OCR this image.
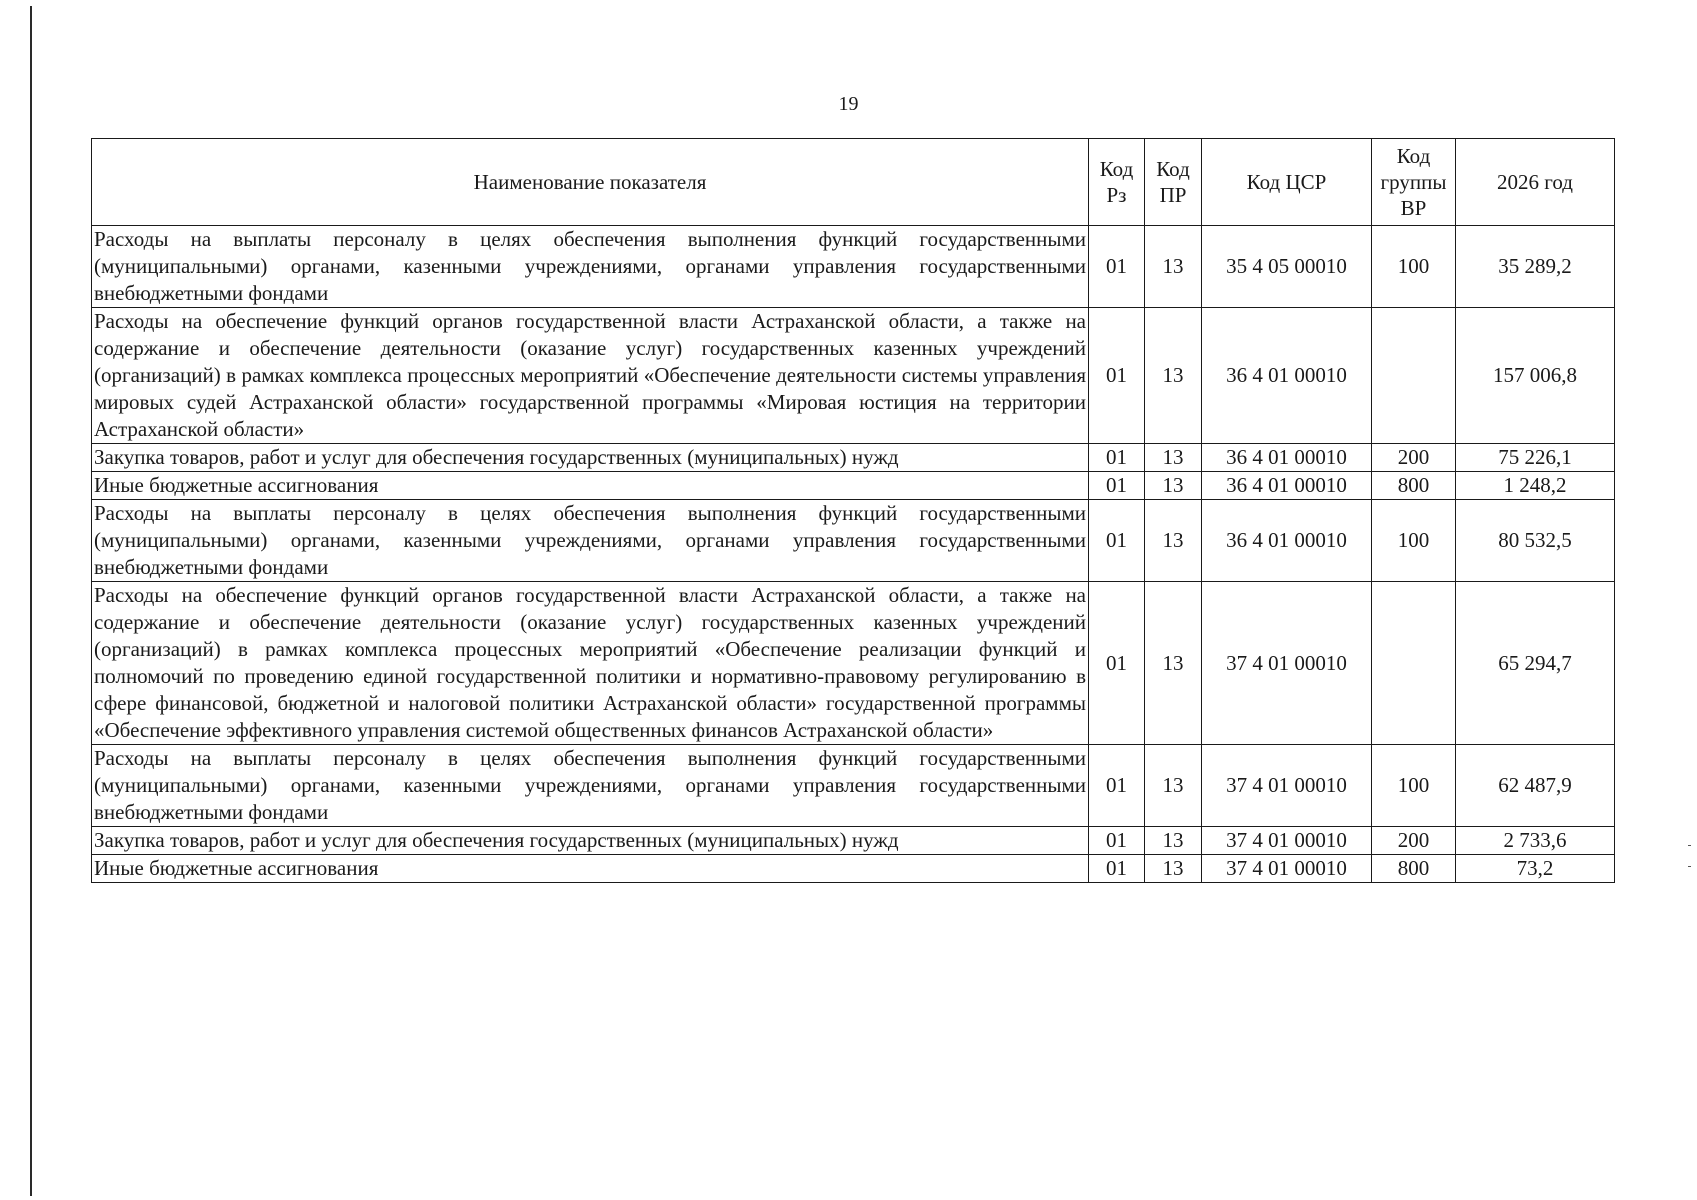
19
Наименование показателя	Код Рз	Код ПР	Код ЦСР	Код группы ВР	2026 год
Расходы на выплаты персоналу в целях обеспечения выполнения функций государственными (муниципальными) органами, казенными учреждениями, органами управления государственными внебюджетными фондами	01	13	35 4 05 00010	100	35 289,2
Расходы на обеспечение функций органов государственной власти Астраханской области, а также на содержание и обеспечение деятельности (оказание услуг) государственных казенных учреждений (организаций) в рамках комплекса процессных мероприятий «Обеспечение деятельности системы управления мировых судей Астраханской области» государственной программы «Мировая юстиция на территории Астраханской области»	01	13	36 4 01 00010		157 006,8
Закупка товаров, работ и услуг для обеспечения государственных (муниципальных) нужд	01	13	36 4 01 00010	200	75 226,1
Иные бюджетные ассигнования	01	13	36 4 01 00010	800	1 248,2
Расходы на выплаты персоналу в целях обеспечения выполнения функций государственными (муниципальными) органами, казенными учреждениями, органами управления государственными внебюджетными фондами	01	13	36 4 01 00010	100	80 532,5
Расходы на обеспечение функций органов государственной власти Астраханской области, а также на содержание и обеспечение деятельности (оказание услуг) государственных казенных учреждений (организаций) в рамках комплекса процессных мероприятий «Обеспечение реализации функций и полномочий по проведению единой государственной политики и нормативно-правовому регулированию в сфере финансовой, бюджетной и налоговой политики Астраханской области» государственной программы «Обеспечение эффективного управления системой общественных финансов Астраханской области»	01	13	37 4 01 00010		65 294,7
Расходы на выплаты персоналу в целях обеспечения выполнения функций государственными (муниципальными) органами, казенными учреждениями, органами управления государственными внебюджетными фондами	01	13	37 4 01 00010	100	62 487,9
Закупка товаров, работ и услуг для обеспечения государственных (муниципальных) нужд	01	13	37 4 01 00010	200	2 733,6
Иные бюджетные ассигнования	01	13	37 4 01 00010	800	73,2
